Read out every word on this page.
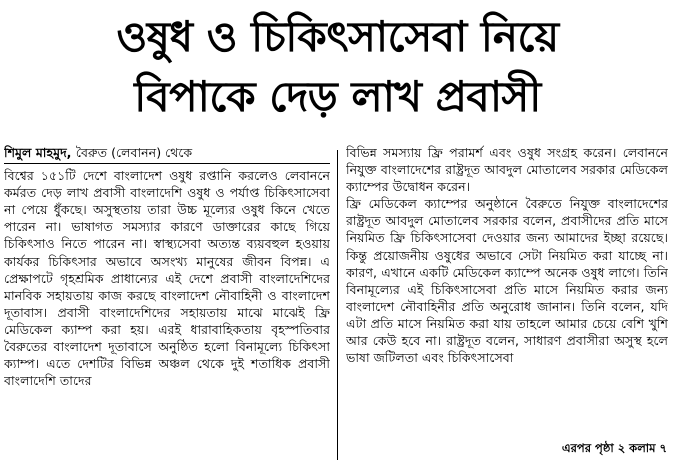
ওষুধ ও চিকিৎসাসেবা নিয়ে
বিপাকে দেড় লাখ প্রবাসী
শিমুল মাহমুদ, বৈরুত (লেবানন) থেকে

বিশ্বের ১৫১টি দেশে বাংলাদেশ ওষুধ রপ্তানি করলেও লেবাননে কর্মরত দেড় লাখ প্রবাসী বাংলাদেশি ওষুধ ও পর্যাপ্ত চিকিৎসাসেবা না পেয়ে ধুঁকছে। অসুস্থতায় তারা উচ্চ মূল্যের ওষুধ কিনে খেতে পারেন না। ভাষাগত সমস্যার কারণে ডাক্তারের কাছে গিয়ে চিকিৎসাও নিতে পারেন না। স্বাস্থ্যসেবা অত্যন্ত ব্যয়বহুল হওয়ায় কার্যকর চিকিৎসার অভাবে অসংখ্য মানুষের জীবন বিপন্ন। এ প্রেক্ষাপটে গৃহশ্রমিক প্রাধান্যের এই দেশে প্রবাসী বাংলাদেশিদের মানবিক সহায়তায় কাজ করছে বাংলাদেশ নৌবাহিনী ও বাংলাদেশ দূতাবাস। প্রবাসী বাংলাদেশিদের সহায়তায় মাঝে মাঝেই ফ্রি মেডিকেল ক্যাম্প করা হয়। এরই ধারাবাহিকতায় বৃহস্পতিবার বৈরুতের বাংলাদেশ দূতাবাসে অনুষ্ঠিত হলো বিনামূল্যে চিকিৎসা ক্যাম্প। এতে দেশটির বিভিন্ন অঞ্চল থেকে দুই শতাধিক প্রবাসী বাংলাদেশি তাদের

বিভিন্ন সমস্যায় ফ্রি পরামর্শ এবং ওষুধ সংগ্রহ করেন। লেবাননে নিযুক্ত বাংলাদেশের রাষ্ট্রদূত আবদুল মোতালেব সরকার মেডিকেল ক্যাম্পের উদ্বোধন করেন।

ফ্রি মেডিকেল ক্যাম্পের অনুষ্ঠানে বৈরুতে নিযুক্ত বাংলাদেশের রাষ্ট্রদূত আবদুল মোতালেব সরকার বলেন, প্রবাসীদের প্রতি মাসে নিয়মিত ফ্রি চিকিৎসাসেবা দেওয়ার জন্য আমাদের ইচ্ছা রয়েছে। কিন্তু প্রয়োজনীয় ওষুধের অভাবে সেটা নিয়মিত করা যাচ্ছে না। কারণ, এখানে একটি মেডিকেল ক্যাম্পে অনেক ওষুধ লাগে। তিনি বিনামূল্যের এই চিকিৎসাসেবা প্রতি মাসে নিয়মিত করার জন্য বাংলাদেশ নৌবাহিনীর প্রতি অনুরোধ জানান। তিনি বলেন, যদি এটা প্রতি মাসে নিয়মিত করা যায় তাহলে আমার চেয়ে বেশি খুশি আর কেউ হবে না। রাষ্ট্রদূত বলেন, সাধারণ প্রবাসীরা অসুস্থ হলে ভাষা জটিলতা এবং চিকিৎসাসেবা

এরপর পৃষ্ঠা ২ কলাম ৭
